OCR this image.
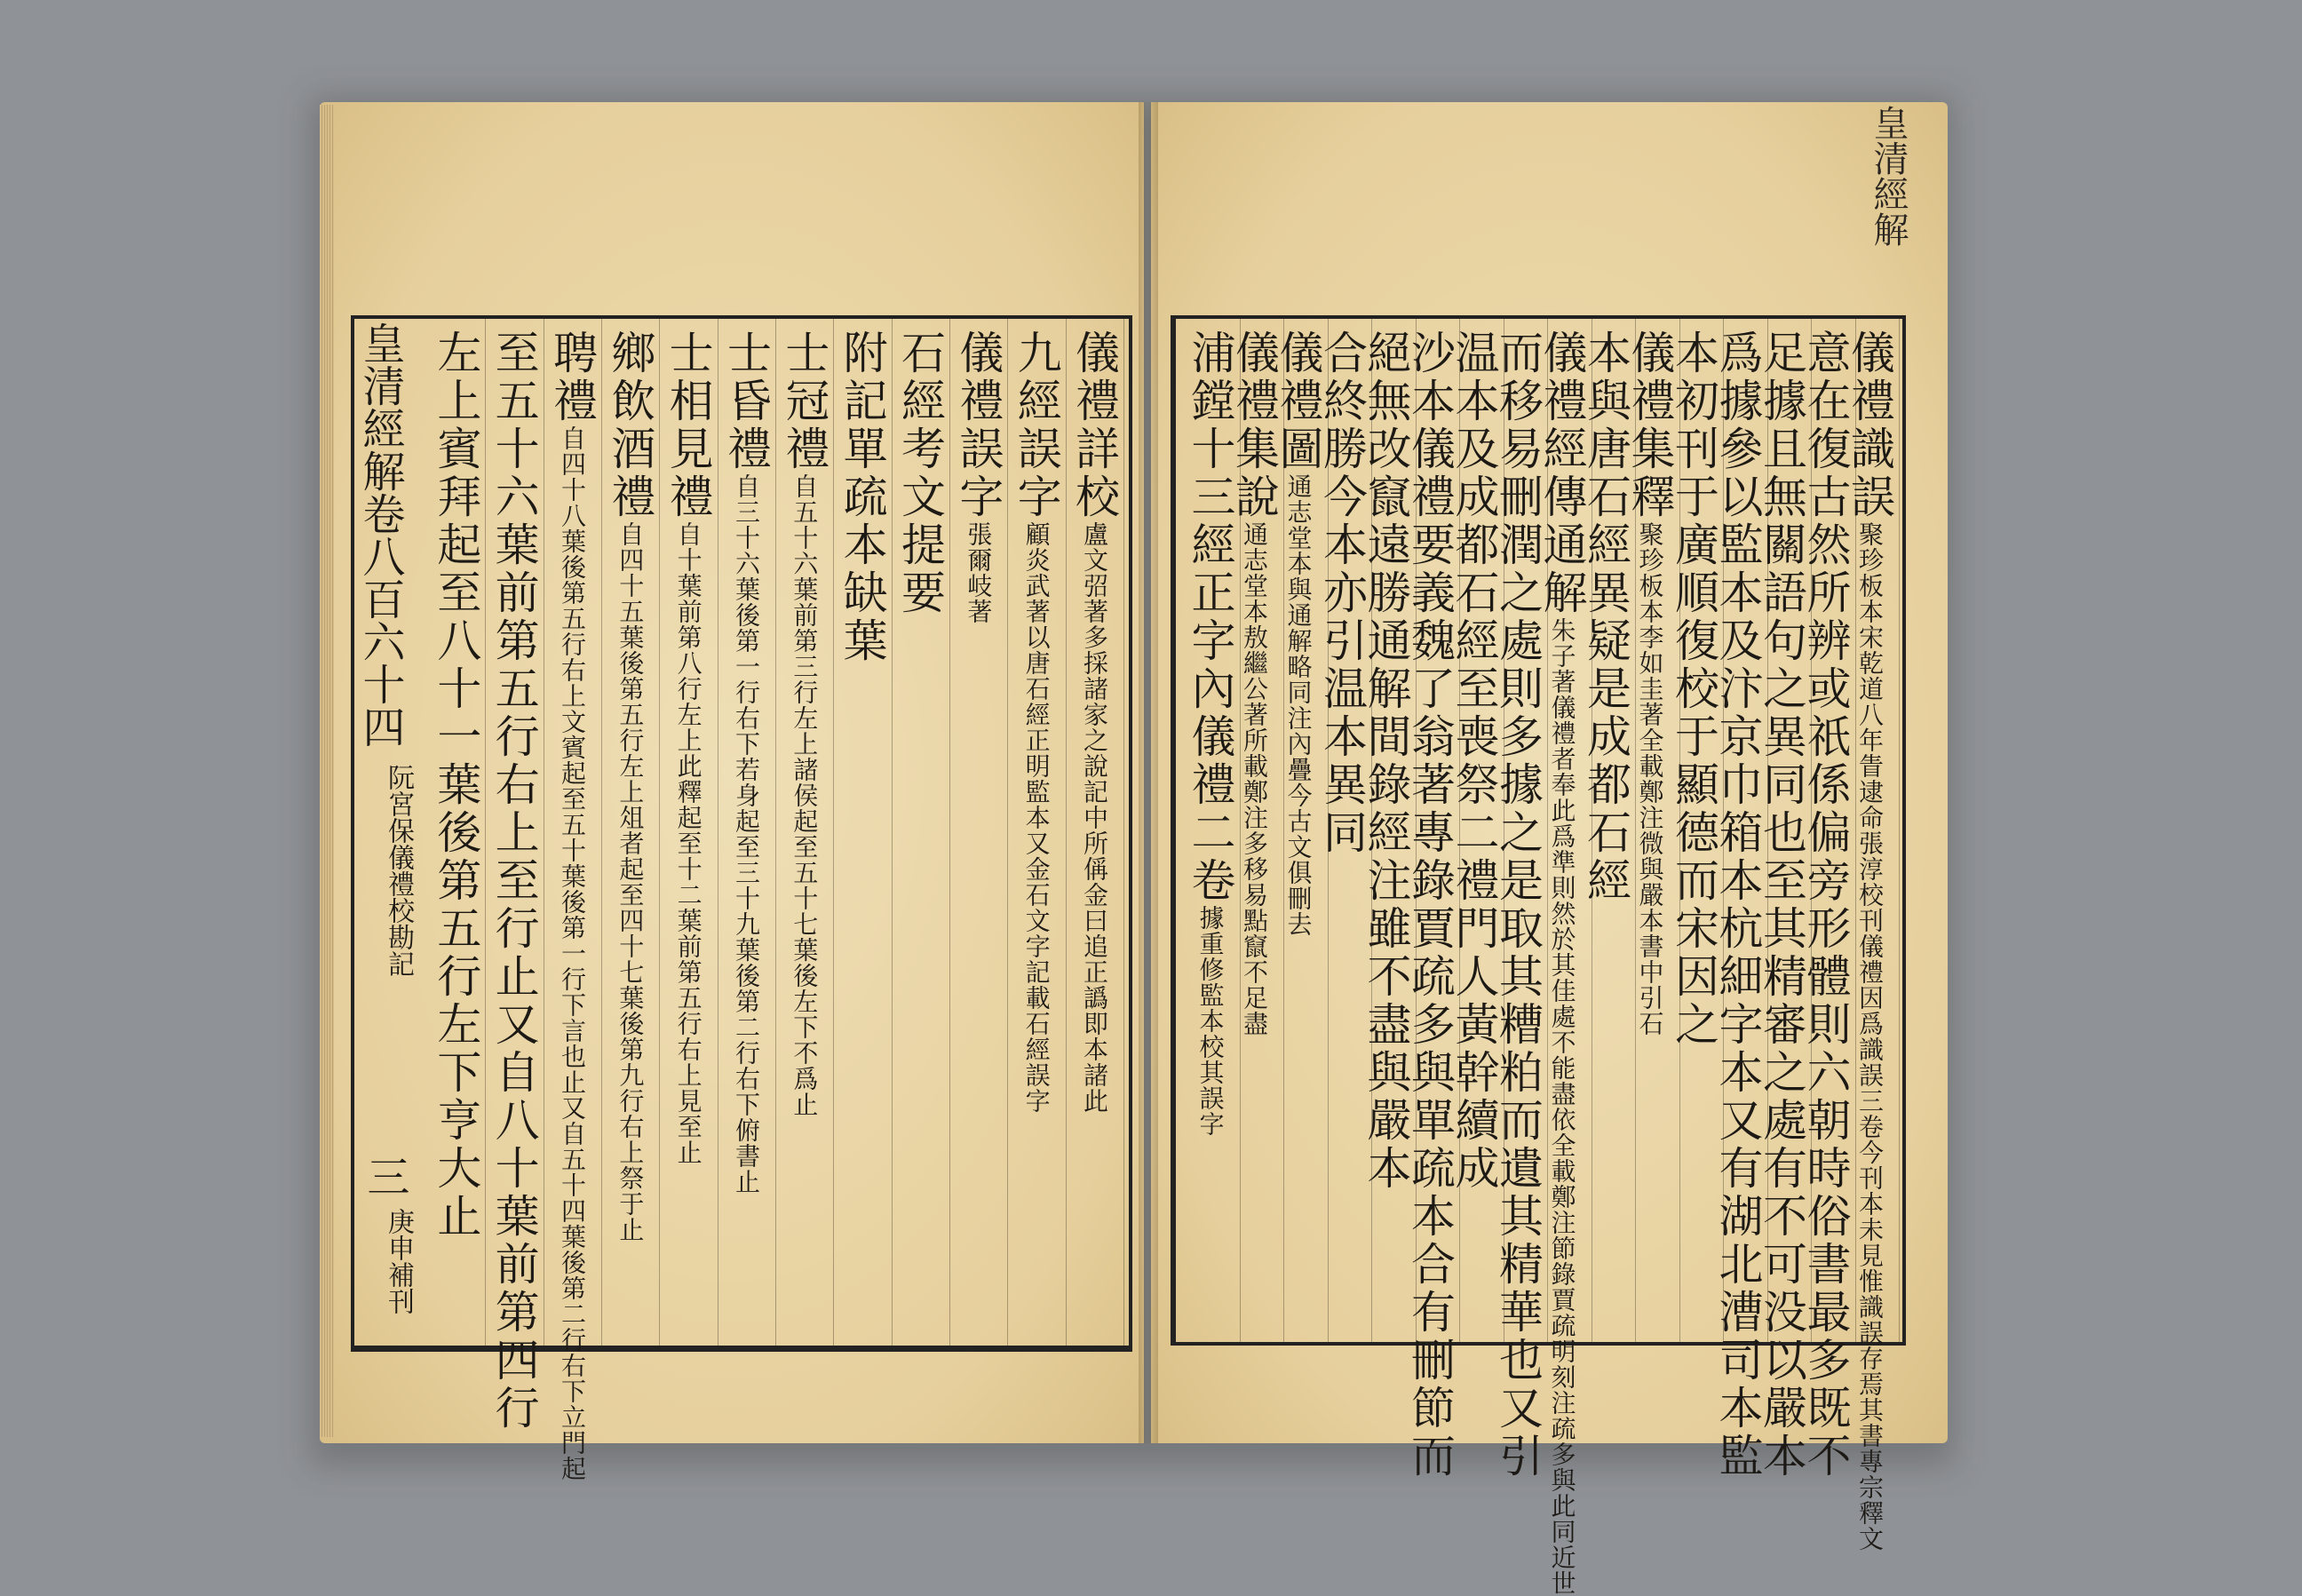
儀禮詳校盧文弨著多採諸家之說記中所偁金曰追正譌即本諸此
九經誤字顧炎武著以唐石經正明監本又金石文字記載石經誤字
儀禮誤字張爾岐著
石經考文提要
附記單疏本缺葉
士冠禮自五十六葉前第三行左上諸侯起至五十七葉後左下不爲止
士昏禮自三十六葉後第一行右下若身起至三十九葉後第二行右下俯書止
士相見禮自十葉前第八行左上此釋起至十二葉前第五行右上見至止
鄉飲酒禮自四十五葉後第五行左上俎者起至四十七葉後第九行右上祭于止
聘禮自四十八葉後第五行右上文賓起至五十葉後第一行下言也止又自五十四葉後第二行右下立門起
至五十六葉前第五行右上至行止又自八十葉前第四行
左上賓拜起至八十一葉後第五行左下亨大止
皇清經解卷八百六十四
阮宮保儀禮校勘記
三
庚申補刊
儀禮識誤聚珍板本宋乾道八年眚逮命張淳校刊儀禮因爲識誤三卷今刊本未見惟識誤存焉其書專宗釋文
意在復古然所辨或祇係偏旁形體則六朝時俗書最多既不
足據且無關語句之異同也至其精審之處有不可没以嚴本
爲據參以監本及汴京巾箱本杭細字本又有湖北漕司本監
本初刊于廣順復校于顯德而宋因之
儀禮集釋聚珍板本李如圭著全載鄭注微與嚴本書中引石
本與唐石經異疑是成都石經
儀禮經傳通解朱子著儀禮者奉此爲準則然於其佳處不能盡依全載鄭注節錄賈疏明刻注疏多與此同近世
而移易刪潤之處則多據之是取其糟粕而遺其精華也又引
温本及成都石經至喪祭二禮門人黃幹續成
沙本儀禮要義魏了翁著專錄賈疏多與單疏本合有刪節而
絕無改竄遠勝通解間錄經注雖不盡與嚴本
合終勝今本亦引温本異同
儀禮圖通志堂本與通解略同注內疊今古文俱刪去
儀禮集說通志堂本敖繼公著所載鄭注多移易點竄不足盡
浦鏜十三經正字內儀禮二卷據重修監本校其誤字
皇清經解
